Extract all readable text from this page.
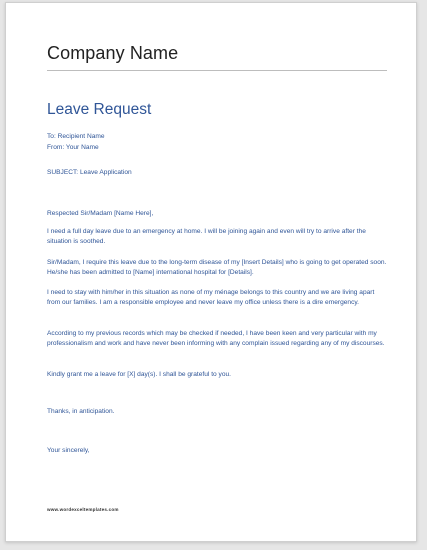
Company Name
Leave Request
To: Recipient Name
From: Your Name
SUBJECT: Leave Application
Respected Sir/Madam [Name Here],

I need a full day leave due to an emergency at home. I will be joining again and even will try to arrive after the situation is soothed.

Sir/Madam, I require this leave due to the long-term disease of my [Insert Details] who is going to get operated soon. He/she has been admitted to [Name] international hospital for [Details].

I need to stay with him/her in this situation as none of my ménage belongs to this country and we are living apart from our families. I am a responsible employee and never leave my office unless there is a dire emergency.

According to my previous records which may be checked if needed, I have been keen and very particular with my professionalism and work and have never been informing with any complain issued regarding any of my discourses.

Kindly grant me a leave for [X] day(s). I shall be grateful to you.

Thanks, in anticipation.
Your sincerely,
www.wordexceltemplates.com
